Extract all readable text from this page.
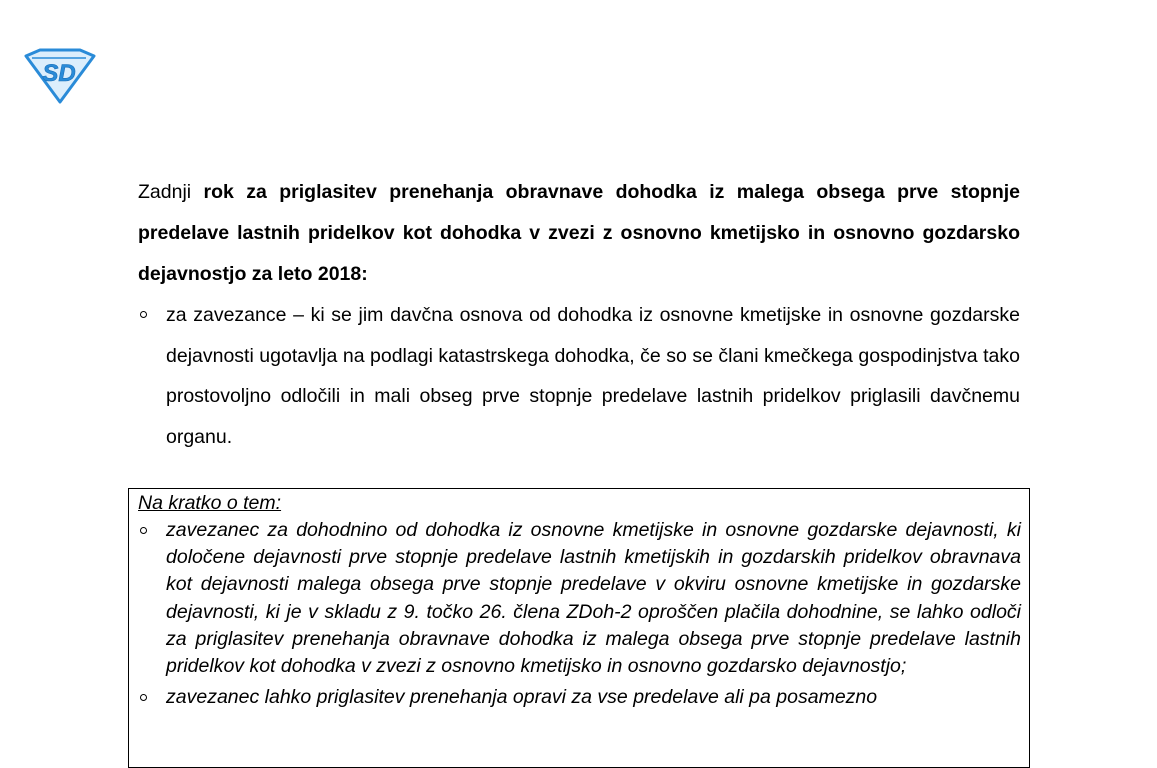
SD

Zadnji rok za priglasitev prenehanja obravnave dohodka iz malega obsega prve stopnje predelave lastnih pridelkov kot dohodka v zvezi z osnovno kmetijsko in osnovno gozdarsko dejavnostjo za leto 2018:

za zavezance – ki se jim davčna osnova od dohodka iz osnovne kmetijske in osnovne gozdarske dejavnosti ugotavlja na podlagi katastrskega dohodka, če so se člani kmečkega gospodinjstva tako prostovoljno odločili in mali obseg prve stopnje predelave lastnih pridelkov priglasili davčnemu organu.

Na kratko o tem:

zavezanec za dohodnino od dohodka iz osnovne kmetijske in osnovne gozdarske dejavnosti, ki določene dejavnosti prve stopnje predelave lastnih kmetijskih in gozdarskih pridelkov obravnava kot dejavnosti malega obsega prve stopnje predelave v okviru osnovne kmetijske in gozdarske dejavnosti, ki je v skladu z 9. točko 26. člena ZDoh-2 oproščen plačila dohodnine, se lahko odloči za priglasitev prenehanja obravnave dohodka iz malega obsega prve stopnje predelave lastnih pridelkov kot dohodka v zvezi z osnovno kmetijsko in osnovno gozdarsko dejavnostjo;
zavezanec lahko priglasitev prenehanja opravi za vse predelave ali pa posamezno
